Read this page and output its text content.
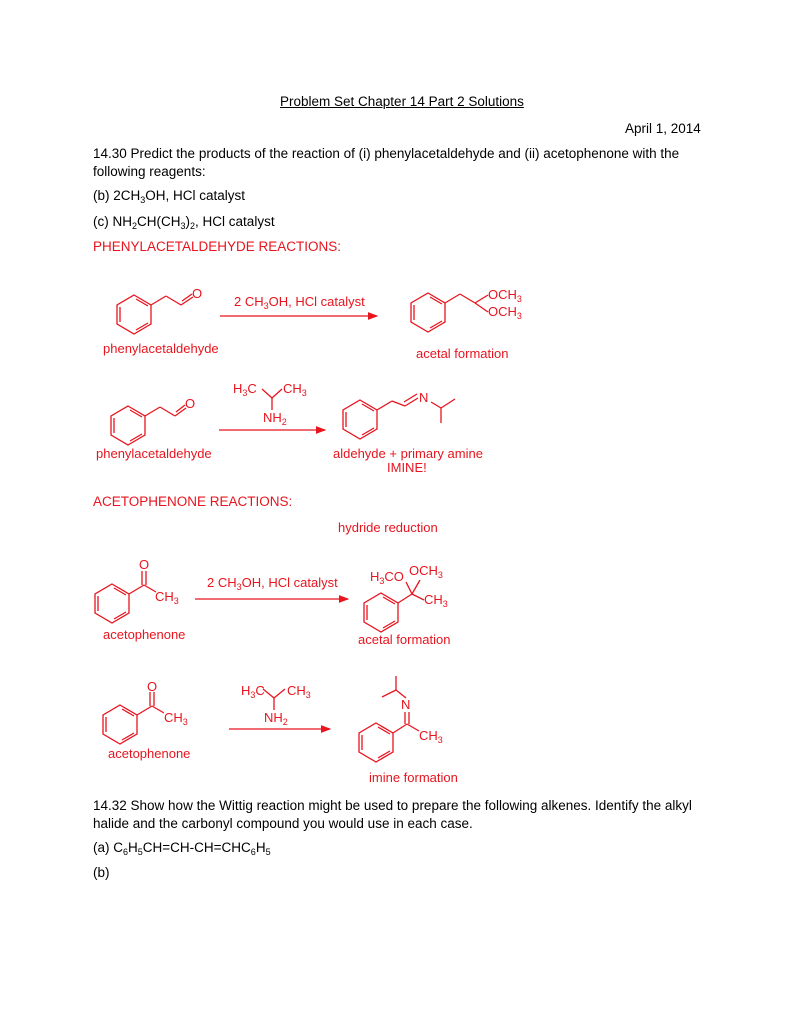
Problem Set Chapter 14 Part 2 Solutions
April 1, 2014
14.30 Predict the products of the reaction of (i) phenylacetaldehyde and (ii) acetophenone with the following reagents:
(b) $2CH_3OH$, HCl catalyst
(c) $NH_2CH(CH_3)_2$, HCl catalyst
PHENYLACETALDEHYDE REACTIONS:
ACETOPHENONE REACTIONS:
14.32 Show how the Wittig reaction might be used to prepare the following alkenes. Identify the alkyl halide and the carbonyl compound you would use in each case.
(a) $C_6H_5CH=CH-CH=CHC_6H_5$
(b)
O
2 $CH_3OH$, HCl catalyst	$OCH_3$
$OCH_3$
phenylacetaldehyde	acetal formation
O
$H_3C$ $CH_3$
$NH_2$
N
phenylacetaldehyde	aldehyde + primary amine
IMINE!
hydride reduction
O
$CH_3$
2 $CH_3OH$, HCl catalyst $H_3CO$ $OCH_3$
$CH_3$
acetophenone	acetal formation
O
$CH_3$
$H_3C$ $CH_3$
$NH_2$
N
$CH_3$
acetophenone
imine formation
